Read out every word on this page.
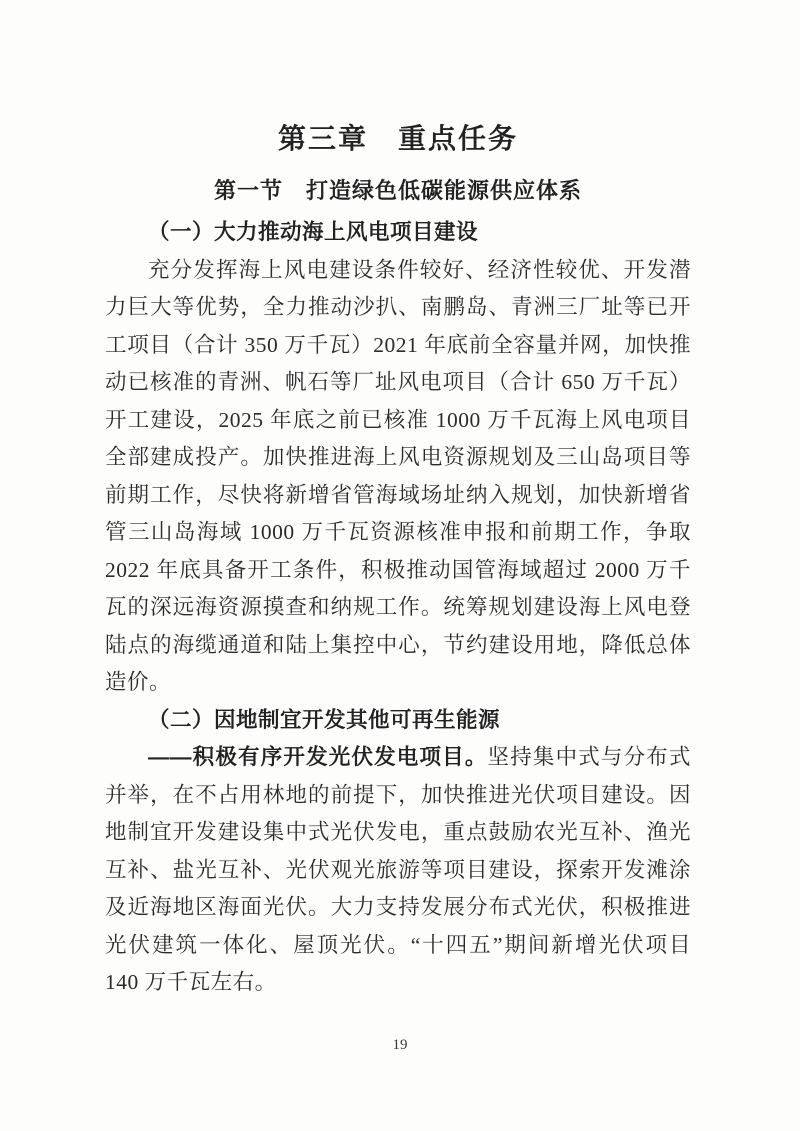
第三章　重点任务
第一节　打造绿色低碳能源供应体系
（一）大力推动海上风电项目建设

充分发挥海上风电建设条件较好、经济性较优、开发潜力巨大等优势，全力推动沙扒、南鹏岛、青洲三厂址等已开工项目（合计 350 万千瓦）2021 年底前全容量并网，加快推动已核准的青洲、帆石等厂址风电项目（合计 650 万千瓦）开工建设，2025 年底之前已核准 1000 万千瓦海上风电项目全部建成投产。加快推进海上风电资源规划及三山岛项目等前期工作，尽快将新增省管海域场址纳入规划，加快新增省管三山岛海域 1000 万千瓦资源核准申报和前期工作，争取 2022 年底具备开工条件，积极推动国管海域超过 2000 万千瓦的深远海资源摸查和纳规工作。统筹规划建设海上风电登陆点的海缆通道和陆上集控中心，节约建设用地，降低总体造价。

（二）因地制宜开发其他可再生能源

——积极有序开发光伏发电项目。坚持集中式与分布式并举，在不占用林地的前提下，加快推进光伏项目建设。因地制宜开发建设集中式光伏发电，重点鼓励农光互补、渔光互补、盐光互补、光伏观光旅游等项目建设，探索开发滩涂及近海地区海面光伏。大力支持发展分布式光伏，积极推进光伏建筑一体化、屋顶光伏。“十四五”期间新增光伏项目 140 万千瓦左右。

19
